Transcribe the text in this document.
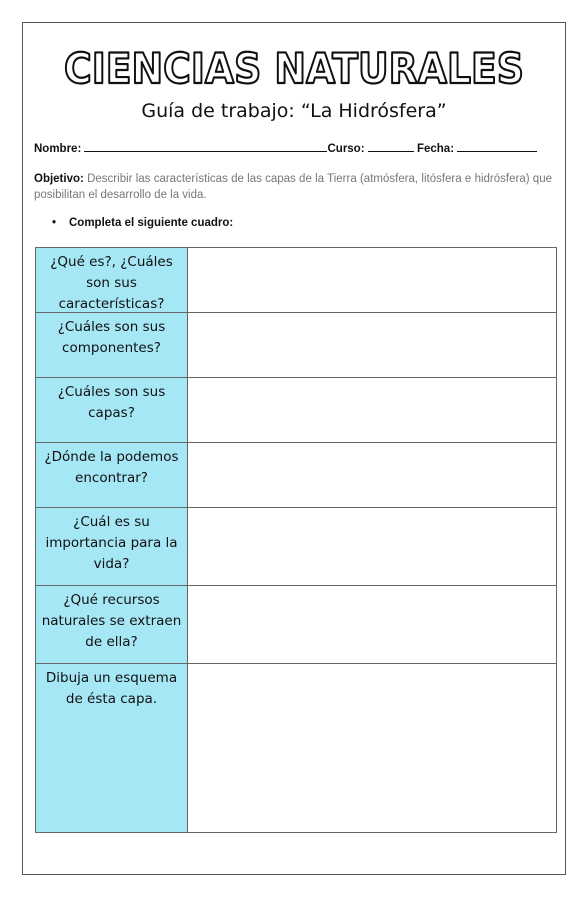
CIENCIAS NATURALES
Guía de trabajo: “La Hidrósfera”
Nombre:	Curso:	Fecha:
Objetivo: Describir las características de las capas de la Tierra (atmósfera, litósfera e hidrósfera) que posibilitan el desarrollo de la vida.
• Completa el siguiente cuadro:
¿Qué es?, ¿Cuáles son sus características?
¿Cuáles son sus componentes?
¿Cuáles son sus capas?
¿Dónde la podemos encontrar?
¿Cuál es su importancia para la vida?
¿Qué recursos naturales se extraen de ella?
Dibuja un esquema de ésta capa.
